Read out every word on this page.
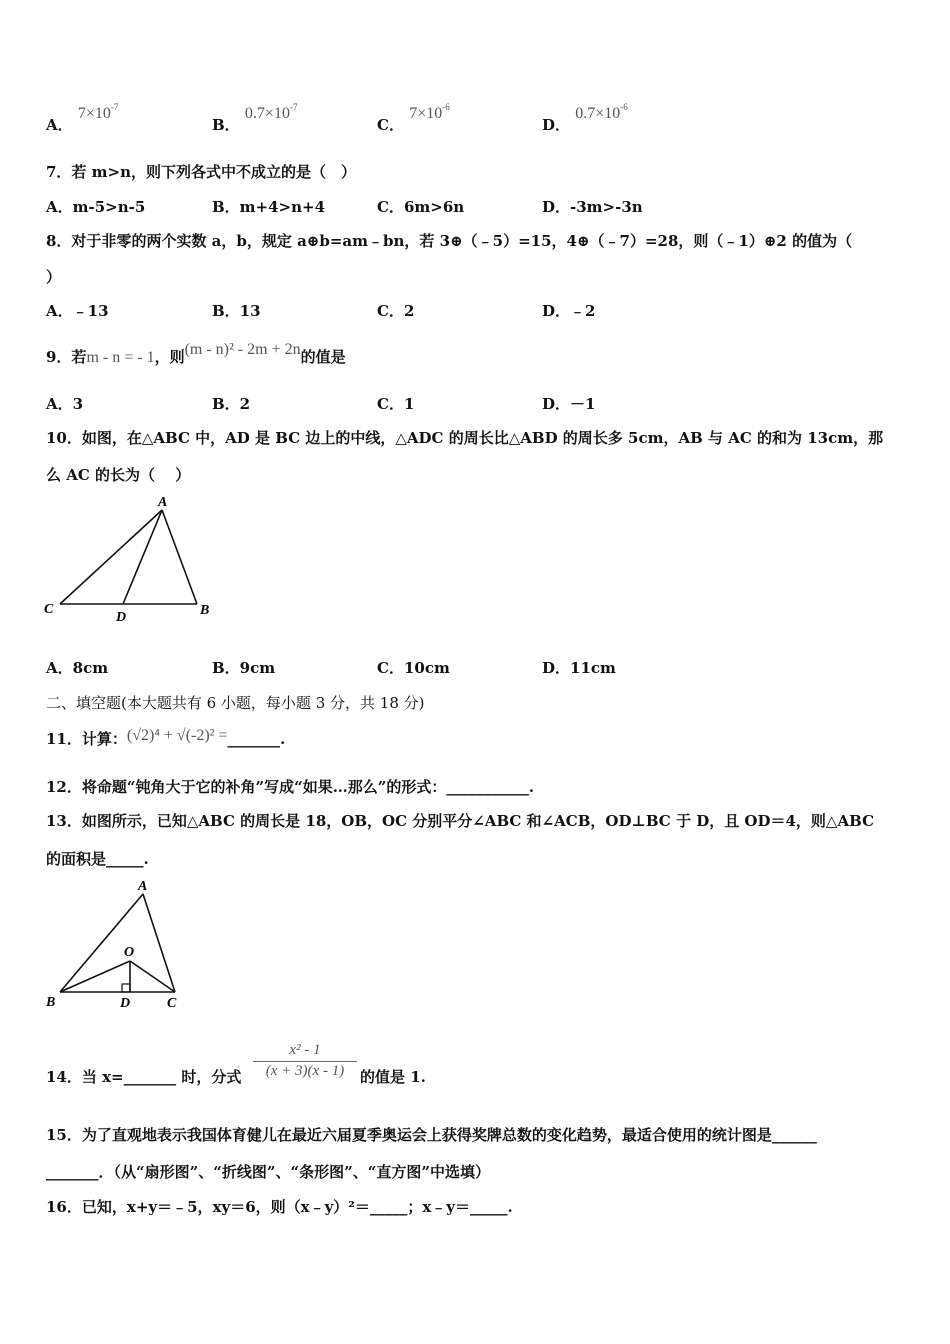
A． $7\times 10^{-7}$
B． $0.7\times 10^{-7}$
C． $7\times 10^{-6}$
D． $0.7\times 10^{-6}$
7．若 m>n，则下列各式中不成立的是（　）
A．m-5>n-5	B．m+4>n+4	C．6m>6n	D．-3m>-3n
8．对于非零的两个实数 a，b，规定 a⊕b=am﹣bn，若 3⊕（﹣5）=15，4⊕（﹣7）=28，则（﹣1）⊕2 的值为（
）
A．﹣13	B．13	C．2	D．﹣2
9．若m - n = - 1，则(m - n)² - 2m + 2n的值是
A．3	B．2	C．1	D．－1
10．如图，在△ABC 中，AD 是 BC 边上的中线，△ADC 的周长比△ABD 的周长多 5cm，AB 与 AC 的和为 13cm，那
么 AC 的长为（　 ）
A
C
D	B
A．8cm	B．9cm	C．10cm	D．11cm
二、填空题(本大题共有 6 小题，每小题 3 分，共 18 分)
11．计算：(√2)⁴ + √(-2)² =_______.
12．将命题“钝角大于它的补角”写成“如果…那么”的形式：___________.
13．如图所示，已知△ABC 的周长是 18，OB，OC 分别平分∠ABC 和∠ACB，OD⊥BC 于 D，且 OD＝4，则△ABC
的面积是_____.
A
O
B	D	C
14．当 x=_______ 时，分式 $\frac{\text{x² - 1}}{(x + 3)(x - 1)}$ 的值是 1.
15．为了直观地表示我国体育健儿在最近六届夏季奥运会上获得奖牌总数的变化趋势，最适合使用的统计图是______
_______．（从“扇形图”、“折线图”、“条形图”、“直方图”中选填）
16．已知，x+y＝﹣5，xy＝6，则（x﹣y）²＝_____；x﹣y＝_____.
